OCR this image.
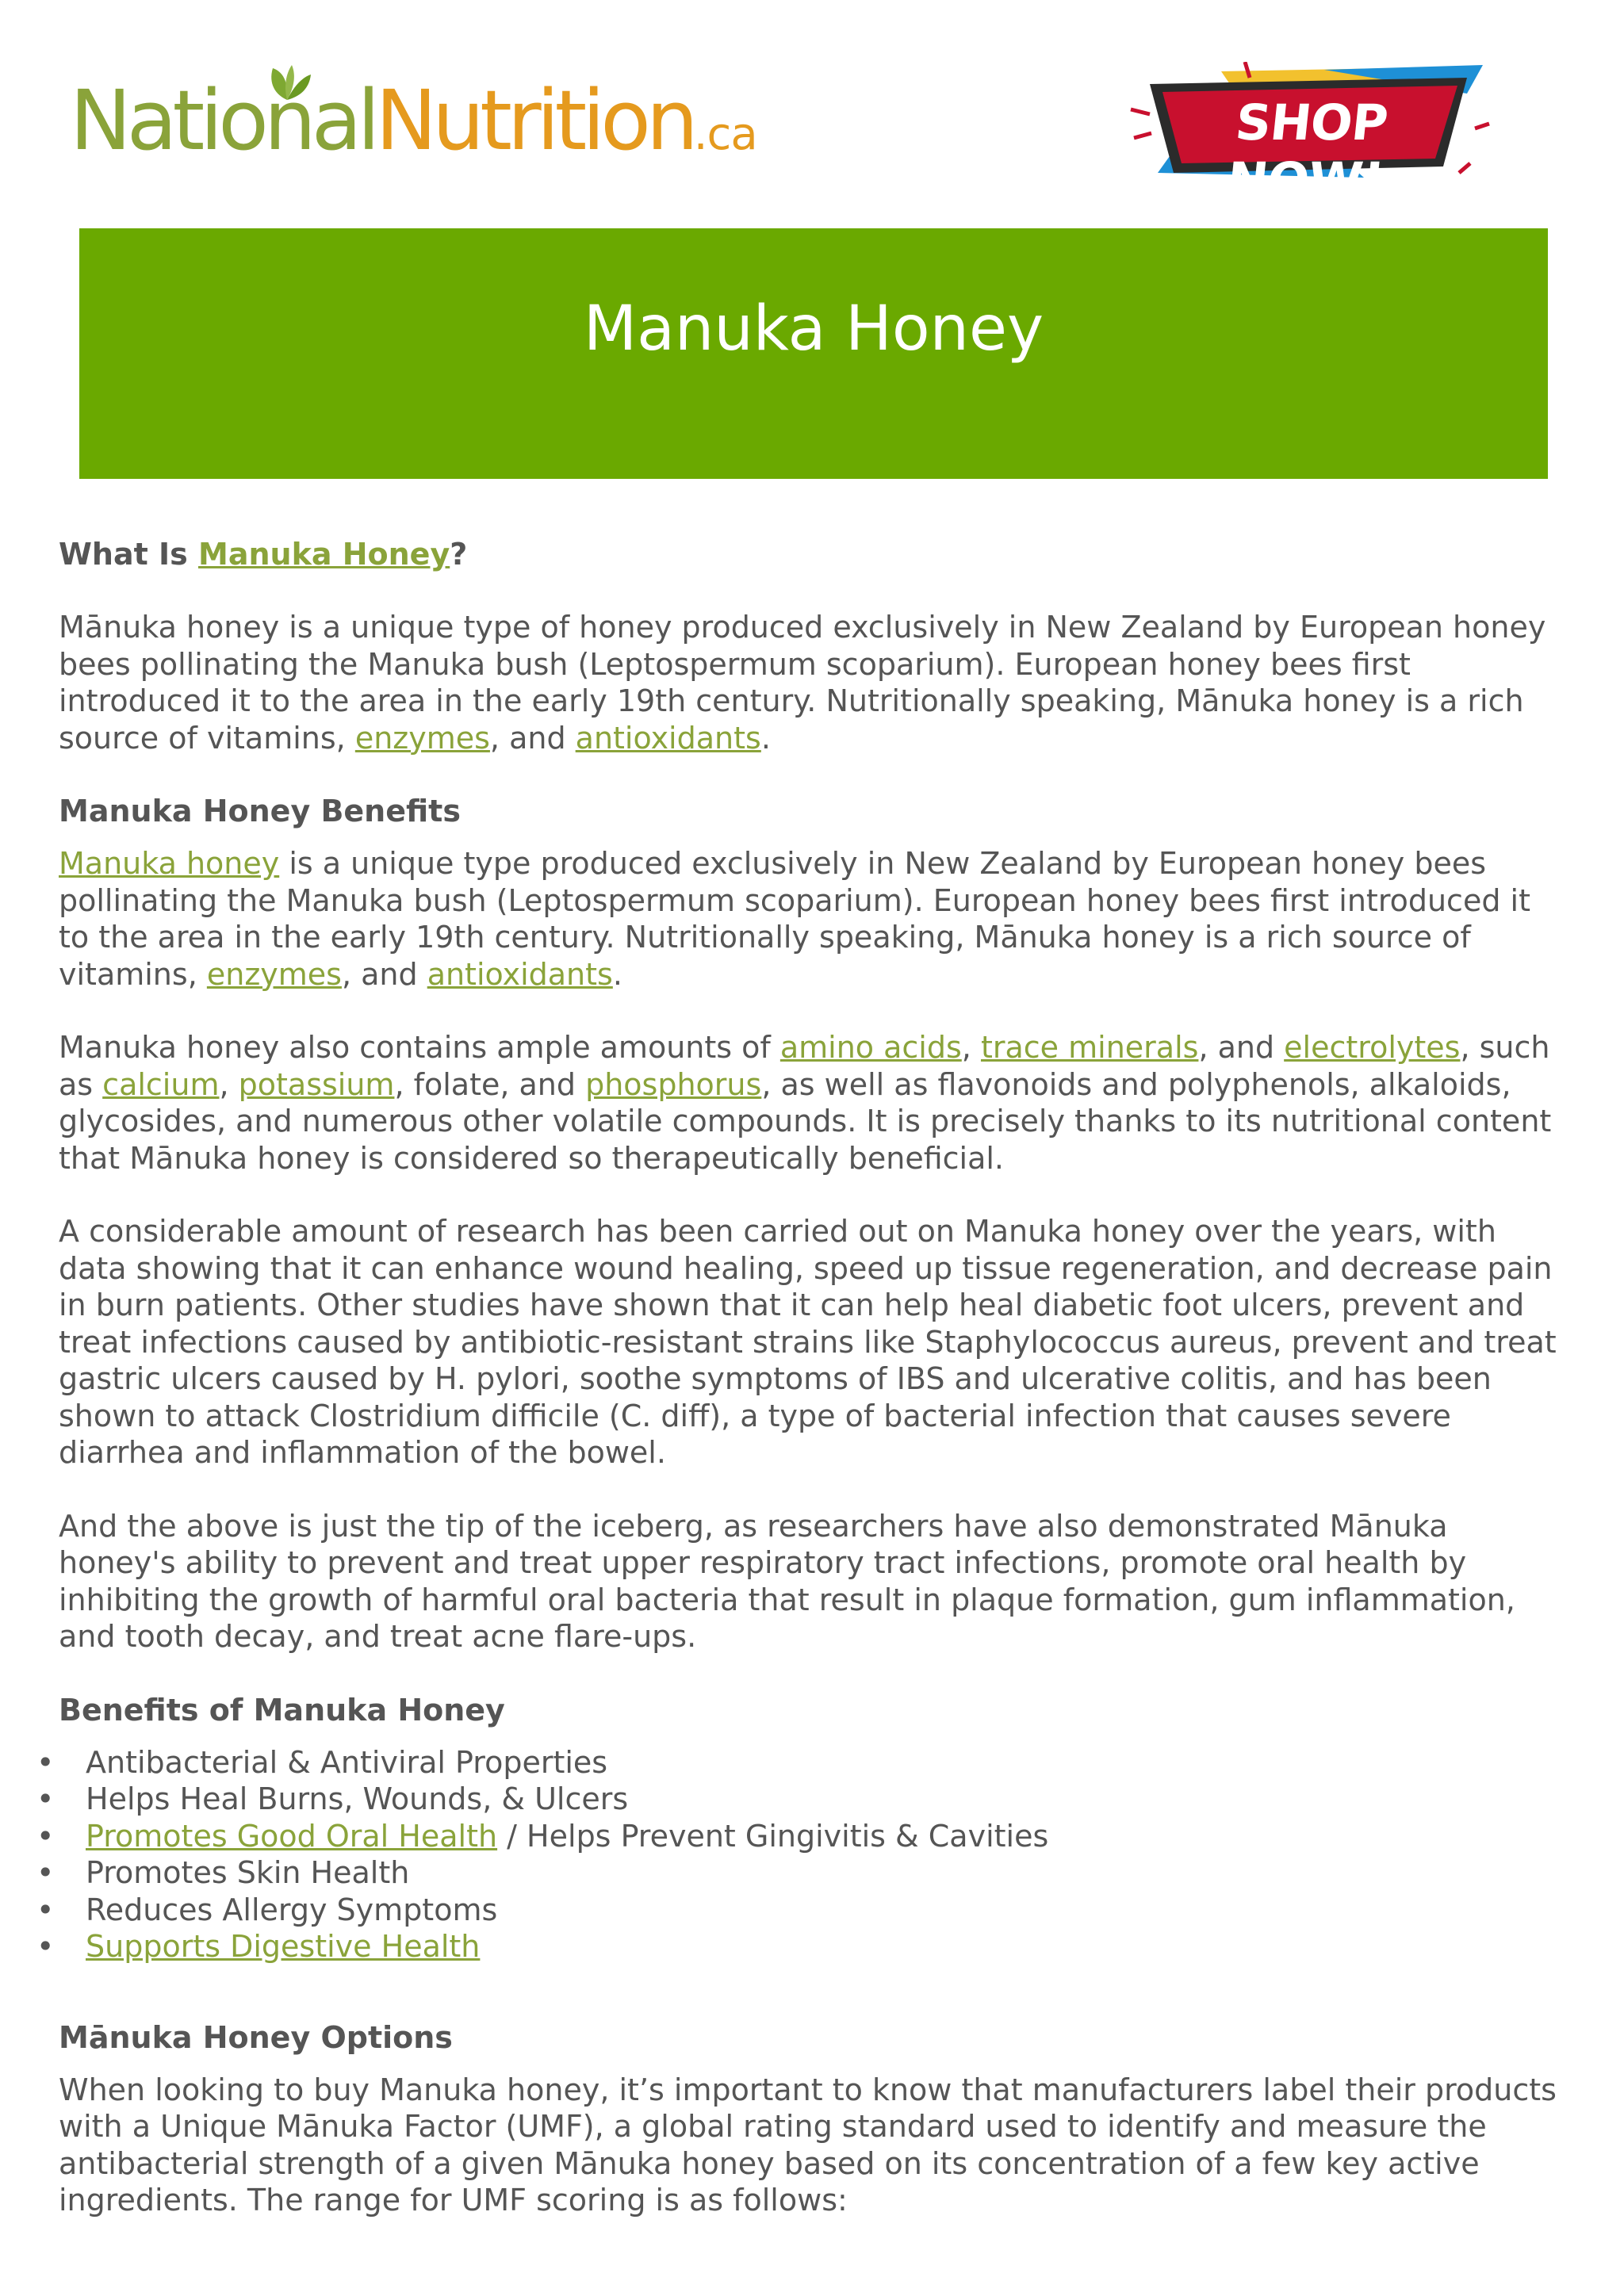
NationalNutrition.ca	SHOP NOW!
Manuka Honey
What Is Manuka Honey?

Mānuka honey is a unique type of honey produced exclusively in New Zealand by European honey bees pollinating the Manuka bush (Leptospermum scoparium). European honey bees first introduced it to the area in the early 19th century. Nutritionally speaking, Mānuka honey is a rich source of vitamins, enzymes, and antioxidants.

Manuka Honey Benefits

Manuka honey is a unique type produced exclusively in New Zealand by European honey bees pollinating the Manuka bush (Leptospermum scoparium). European honey bees first introduced it to the area in the early 19th century. Nutritionally speaking, Mānuka honey is a rich source of vitamins, enzymes, and antioxidants.

Manuka honey also contains ample amounts of amino acids, trace minerals, and electrolytes, such as calcium, potassium, folate, and phosphorus, as well as flavonoids and polyphenols, alkaloids, glycosides, and numerous other volatile compounds. It is precisely thanks to its nutritional content that Mānuka honey is considered so therapeutically beneficial.

A considerable amount of research has been carried out on Manuka honey over the years, with data showing that it can enhance wound healing, speed up tissue regeneration, and decrease pain in burn patients. Other studies have shown that it can help heal diabetic foot ulcers, prevent and treat infections caused by antibiotic-resistant strains like Staphylococcus aureus, prevent and treat gastric ulcers caused by H. pylori, soothe symptoms of IBS and ulcerative colitis, and has been shown to attack Clostridium difficile (C. diff), a type of bacterial infection that causes severe diarrhea and inflammation of the bowel.

And the above is just the tip of the iceberg, as researchers have also demonstrated Mānuka honey's ability to prevent and treat upper respiratory tract infections, promote oral health by inhibiting the growth of harmful oral bacteria that result in plaque formation, gum inflammation, and tooth decay, and treat acne flare-ups.

Benefits of Manuka Honey
• Antibacterial & Antiviral Properties
• Helps Heal Burns, Wounds, & Ulcers
• Promotes Good Oral Health / Helps Prevent Gingivitis & Cavities
• Promotes Skin Health
• Reduces Allergy Symptoms
• Supports Digestive Health
Mānuka Honey Options

When looking to buy Manuka honey, it’s important to know that manufacturers label their products with a Unique Mānuka Factor (UMF), a global rating standard used to identify and measure the antibacterial strength of a given Mānuka honey based on its concentration of a few key active ingredients. The range for UMF scoring is as follows:
